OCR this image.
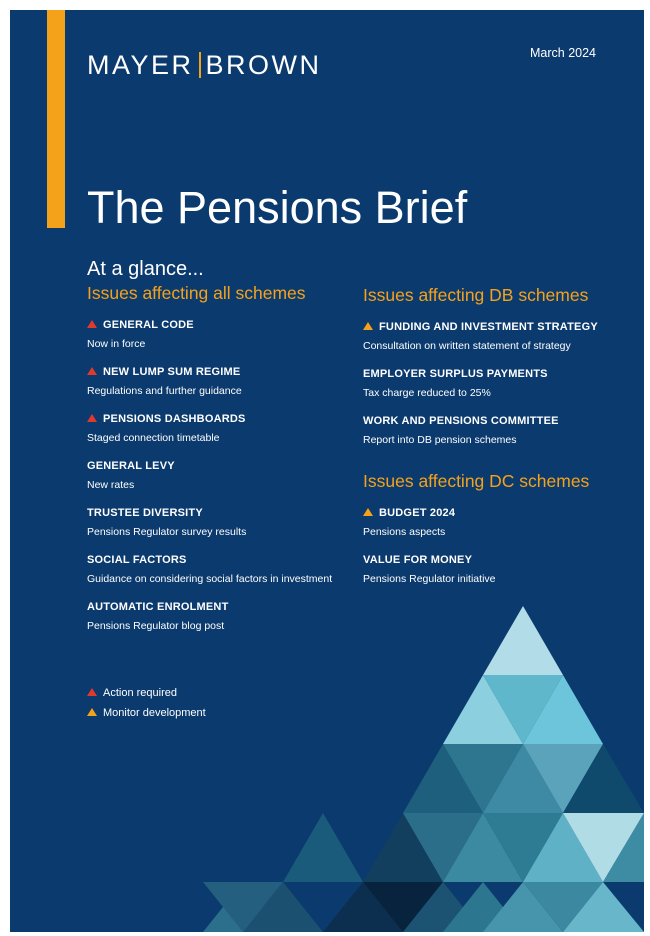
MAYER BROWN	March 2024
The Pensions Brief
At a glance...
Issues affecting all schemes
GENERAL CODE
Now in force
NEW LUMP SUM REGIME
Regulations and further guidance
PENSIONS DASHBOARDS
Staged connection timetable
GENERAL LEVY
New rates
TRUSTEE DIVERSITY
Pensions Regulator survey results
SOCIAL FACTORS
Guidance on considering social factors in investment
AUTOMATIC ENROLMENT
Pensions Regulator blog post
Issues affecting DB schemes
FUNDING AND INVESTMENT STRATEGY
Consultation on written statement of strategy
EMPLOYER SURPLUS PAYMENTS
Tax charge reduced to 25%
WORK AND PENSIONS COMMITTEE
Report into DB pension schemes
Issues affecting DC schemes
BUDGET 2024
Pensions aspects
VALUE FOR MONEY
Pensions Regulator initiative
Action required
Monitor development
